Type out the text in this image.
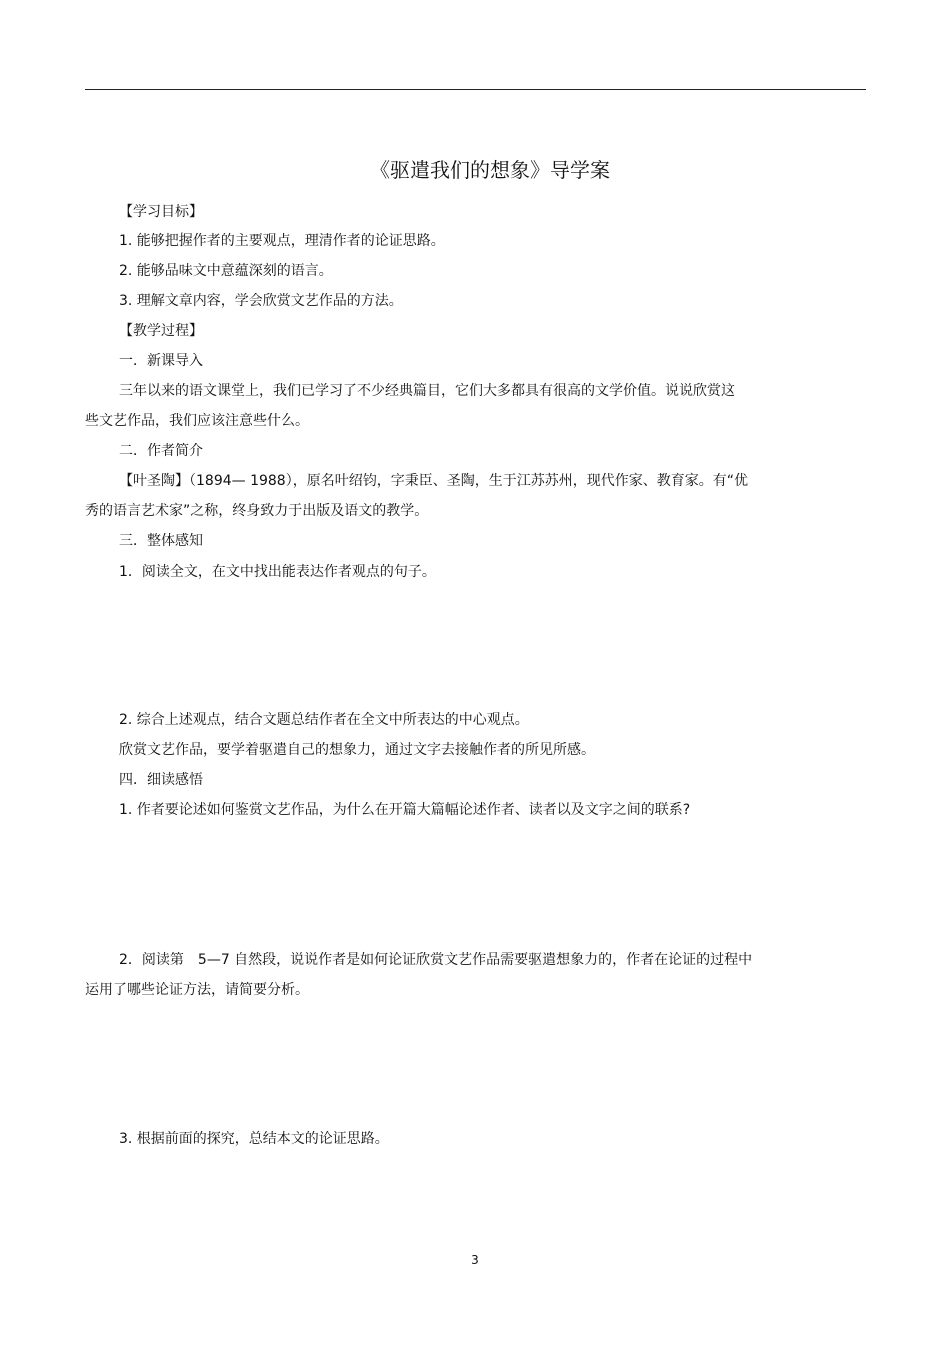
《驱遣我们的想象》导学案
【学习目标】
1. 能够把握作者的主要观点，理清作者的论证思路。
2. 能够品味文中意蕴深刻的语言。
3. 理解文章内容，学会欣赏文艺作品的方法。
【教学过程】
一．新课导入
三年以来的语文课堂上，我们已学习了不少经典篇目，它们大多都具有很高的文学价值。说说欣赏这
些文艺作品，我们应该注意些什么。
二．作者简介
【叶圣陶】（1894— 1988），原名叶绍钧，字秉臣、圣陶，生于江苏苏州，现代作家、教育家。有“优
秀的语言艺术家”之称，终身致力于出版及语文的教学。
三．整体感知
1．阅读全文，在文中找出能表达作者观点的句子。
2. 综合上述观点，结合文题总结作者在全文中所表达的中心观点。
欣赏文艺作品，要学着驱遣自己的想象力，通过文字去接触作者的所见所感。
四．细读感悟
1. 作者要论述如何鉴赏文艺作品，为什么在开篇大篇幅论述作者、读者以及文字之间的联系?
2．阅读第　5—7 自然段，说说作者是如何论证欣赏文艺作品需要驱遣想象力的，作者在论证的过程中
运用了哪些论证方法，请简要分析。
3. 根据前面的探究，总结本文的论证思路。
3
